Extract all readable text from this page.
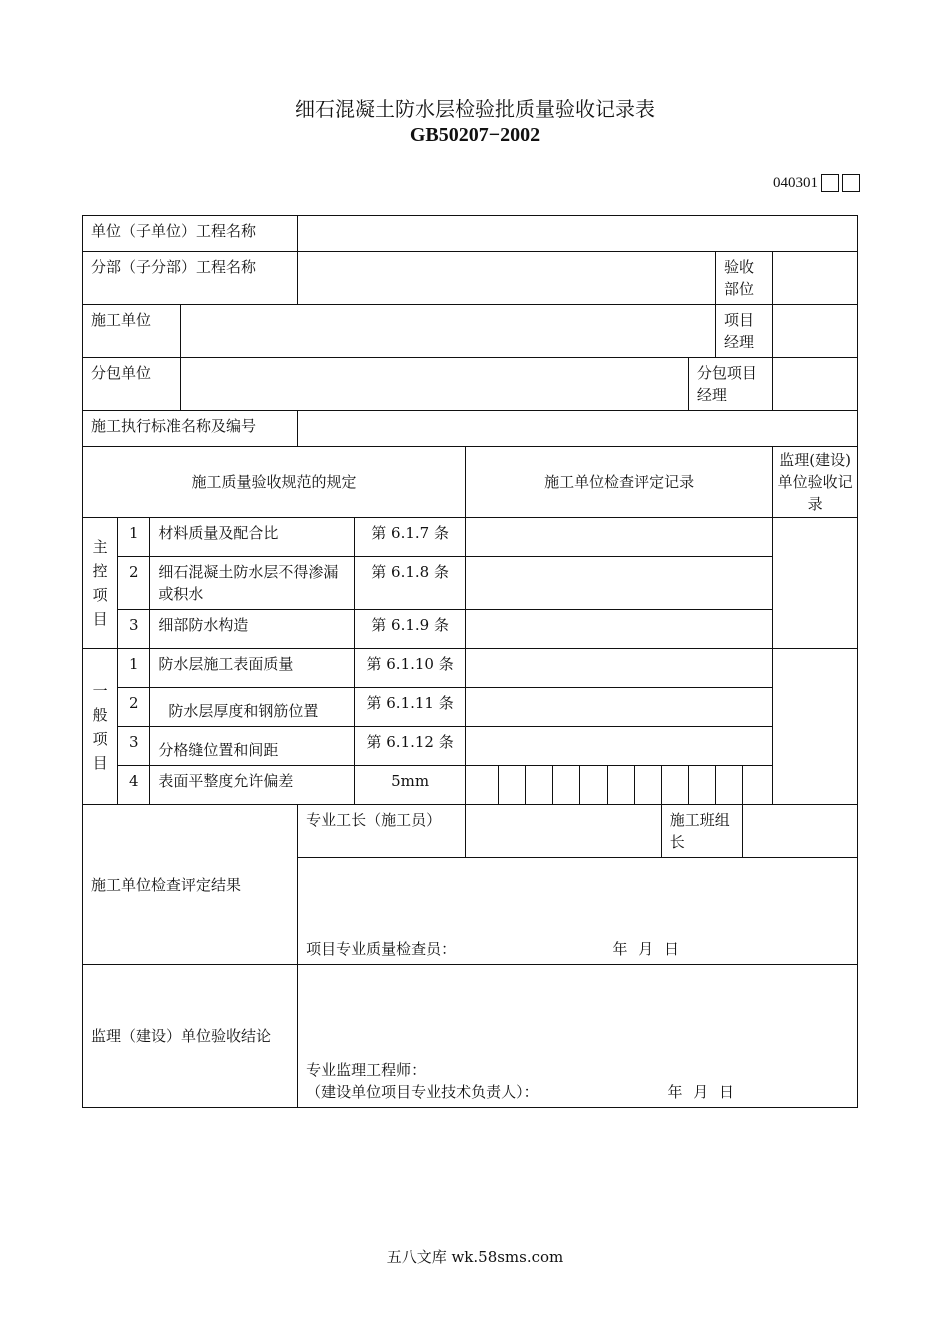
细石混凝土防水层检验批质量验收记录表
GB50207−2002
040301
单位（子单位）工程名称																	
分部（子分部）工程名称															验收部位		
施工单位															项目经理		
分包单位														分包项目经理			
施工执行标准名称及编号																	
施工质量验收规范的规定						施工单位检查评定记录											监理(建设)单位验收记录

主
控
项
目	1	材料质量及配合比			第 6.1.7 条												
	2	细石混凝土防水层不得渗漏或积水			第 6.1.8 条												
	3	细部防水构造			第 6.1.9 条												

一
般
项
目	1	防水层施工表面质量			第 6.1.10 条												
	2	防水层厚度和钢筋位置			第 6.1.11 条												
	3	分格缝位置和间距			第 6.1.12 条												
	4	表面平整度允许偏差			5mm												
施工单位检查评定结果				专业工长（施工员）									施工班组长				

				项目专业质量检查员： 年 月 日													

监理（建设）单位验收结论				专业监理工程师：
（建设单位项目专业技术负责人）： 年 月 日													
五八文库 wk.58sms.com
